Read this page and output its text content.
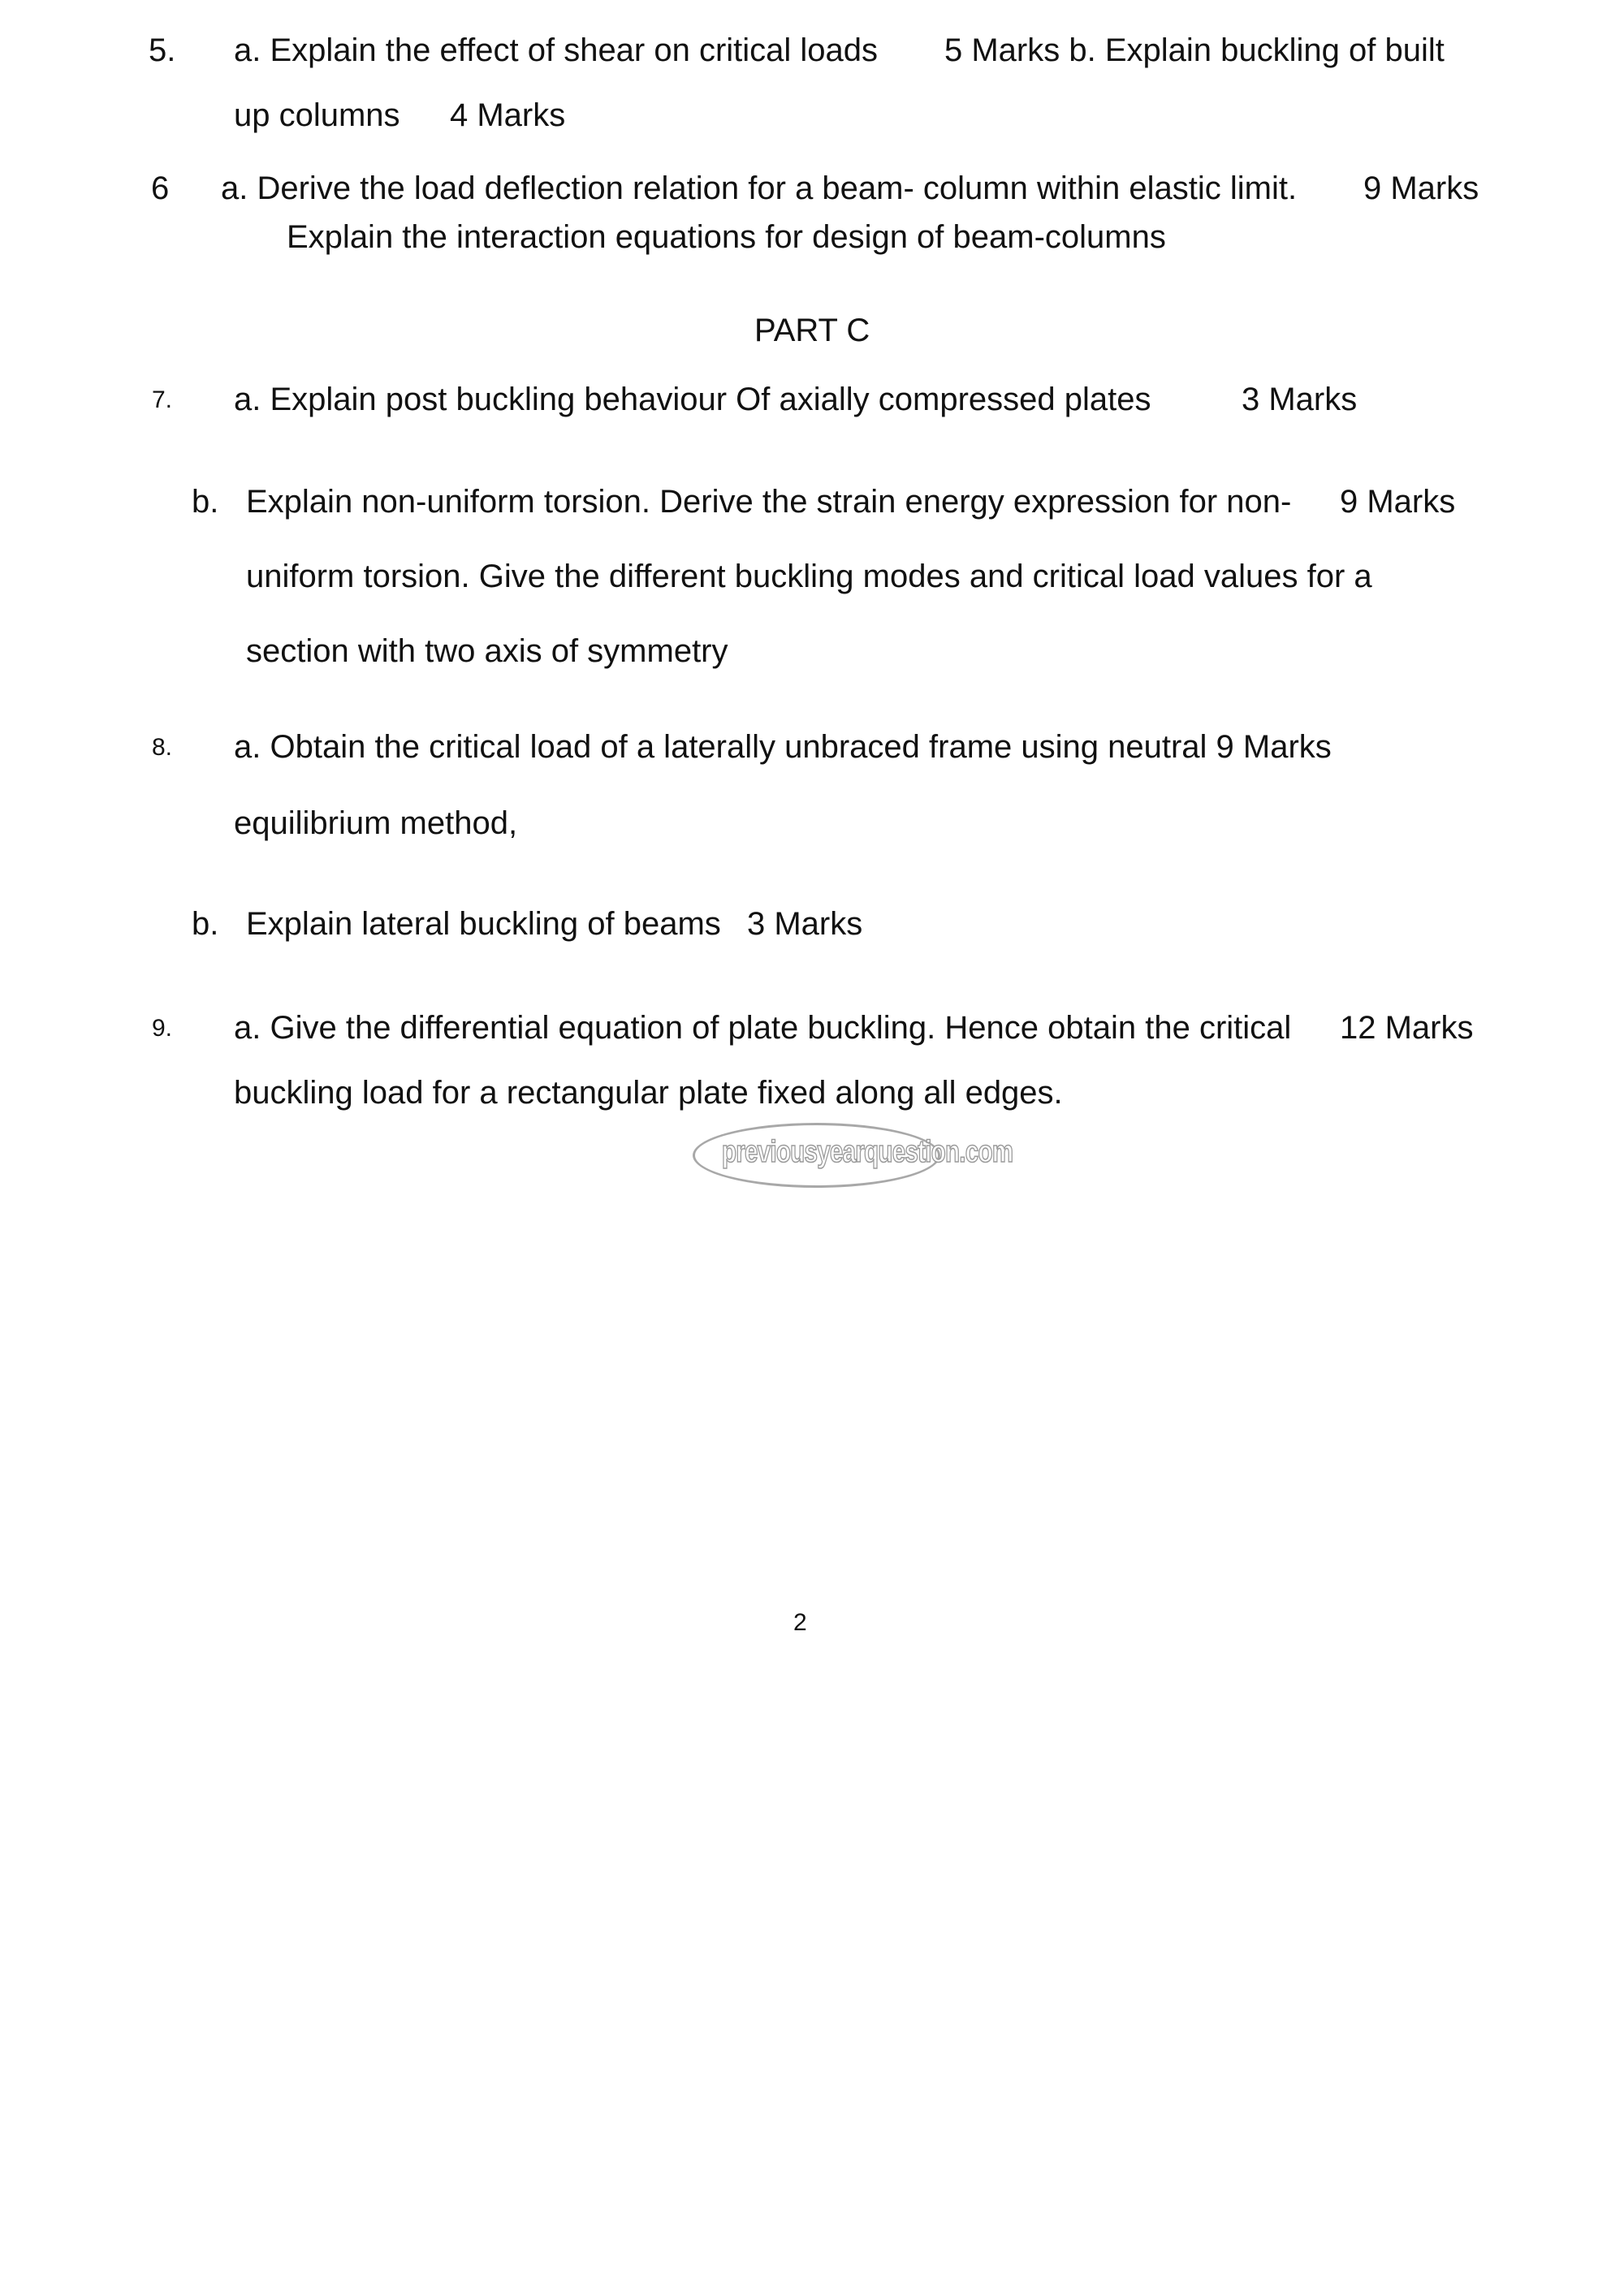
5. a. Explain the effect of shear on critical loads 5 Marks b. Explain buckling of built
up columns 4 Marks
6 a. Derive the load deflection relation for a beam- column within elastic limit. 9 Marks
Explain the interaction equations for design of beam-columns
PART C
7. a. Explain post buckling behaviour Of axially compressed plates	3 Marks
b. Explain non-uniform torsion. Derive the strain energy expression for non- 9 Marks
uniform torsion. Give the different buckling modes and critical load values for a
section with two axis of symmetry
8. a. Obtain the critical load of a laterally unbraced frame using neutral 9 Marks
equilibrium method,
b. Explain lateral buckling of beams 3 Marks
9. a. Give the differential equation of plate buckling. Hence obtain the critical 12 Marks
buckling load for a rectangular plate fixed along all edges.
previousyearquestion.com
2
